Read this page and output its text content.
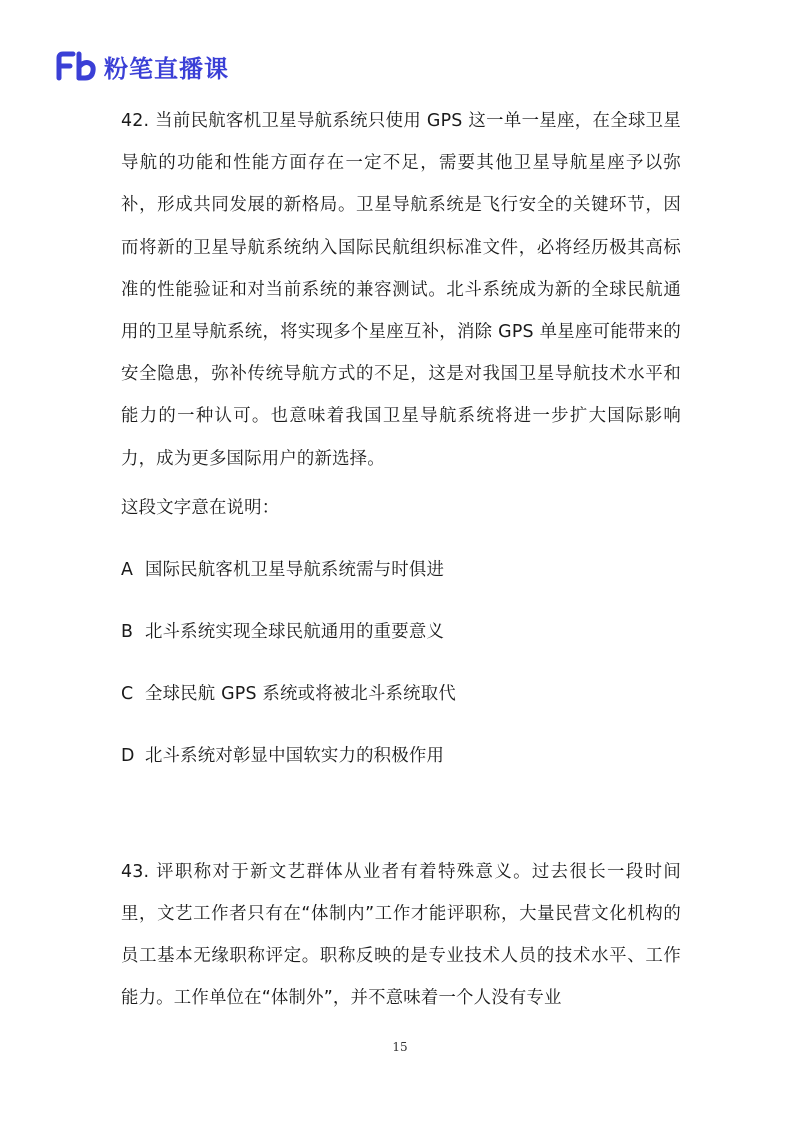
粉笔直播课

42. 当前民航客机卫星导航系统只使用 GPS 这一单一星座，在全球卫星导航的功能和性能方面存在一定不足，需要其他卫星导航星座予以弥补，形成共同发展的新格局。卫星导航系统是飞行安全的关键环节，因而将新的卫星导航系统纳入国际民航组织标准文件，必将经历极其高标准的性能验证和对当前系统的兼容测试。北斗系统成为新的全球民航通用的卫星导航系统，将实现多个星座互补，消除 GPS 单星座可能带来的安全隐患，弥补传统导航方式的不足，这是对我国卫星导航技术水平和能力的一种认可。也意味着我国卫星导航系统将进一步扩大国际影响力，成为更多国际用户的新选择。

这段文字意在说明：
A 国际民航客机卫星导航系统需与时俱进
B 北斗系统实现全球民航通用的重要意义
C 全球民航 GPS 系统或将被北斗系统取代
D 北斗系统对彰显中国软实力的积极作用

43. 评职称对于新文艺群体从业者有着特殊意义。过去很长一段时间里，文艺工作者只有在“体制内”工作才能评职称，大量民营文化机构的员工基本无缘职称评定。职称反映的是专业技术人员的技术水平、工作能力。工作单位在“体制外”，并不意味着一个人没有专业

15
